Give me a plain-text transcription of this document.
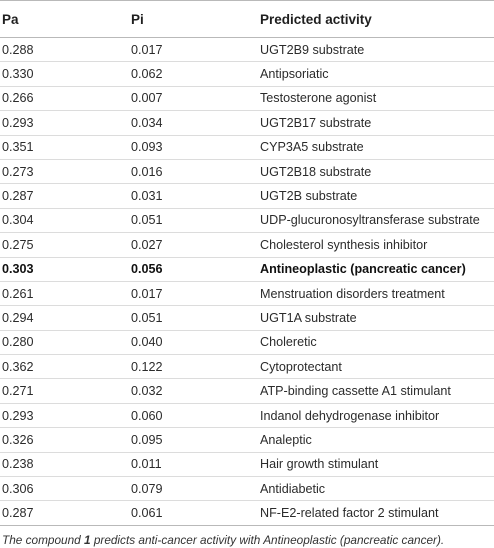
Pa	Pi	Predicted activity
0.288	0.017	UGT2B9 substrate
0.330	0.062	Antipsoriatic
0.266	0.007	Testosterone agonist
0.293	0.034	UGT2B17 substrate
0.351	0.093	CYP3A5 substrate
0.273	0.016	UGT2B18 substrate
0.287	0.031	UGT2B substrate
0.304	0.051	UDP-glucuronosyltransferase substrate
0.275	0.027	Cholesterol synthesis inhibitor
0.303	0.056	Antineoplastic (pancreatic cancer)
0.261	0.017	Menstruation disorders treatment
0.294	0.051	UGT1A substrate
0.280	0.040	Choleretic
0.362	0.122	Cytoprotectant
0.271	0.032	ATP-binding cassette A1 stimulant
0.293	0.060	Indanol dehydrogenase inhibitor
0.326	0.095	Analeptic
0.238	0.011	Hair growth stimulant
0.306	0.079	Antidiabetic
0.287	0.061	NF-E2-related factor 2 stimulant
The compound 1 predicts anti-cancer activity with Antineoplastic (pancreatic cancer).
